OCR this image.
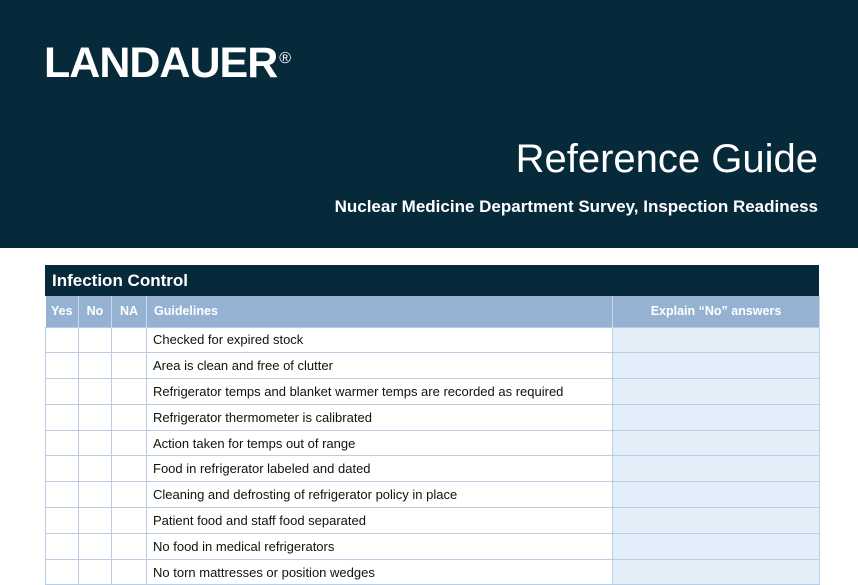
LANDAUER ®
Reference Guide
Nuclear Medicine Department Survey, Inspection Readiness
Infection Control
Yes	No	NA	Guidelines	Explain “No” answers
			Checked for expired stock	
			Area is clean and free of clutter	
			Refrigerator temps and blanket warmer temps are recorded as required	
			Refrigerator thermometer is calibrated	
			Action taken for temps out of range	
			Food in refrigerator labeled and dated	
			Cleaning and defrosting of refrigerator policy in place	
			Patient food and staff food separated	
			No food in medical refrigerators	
			No torn mattresses or position wedges	
